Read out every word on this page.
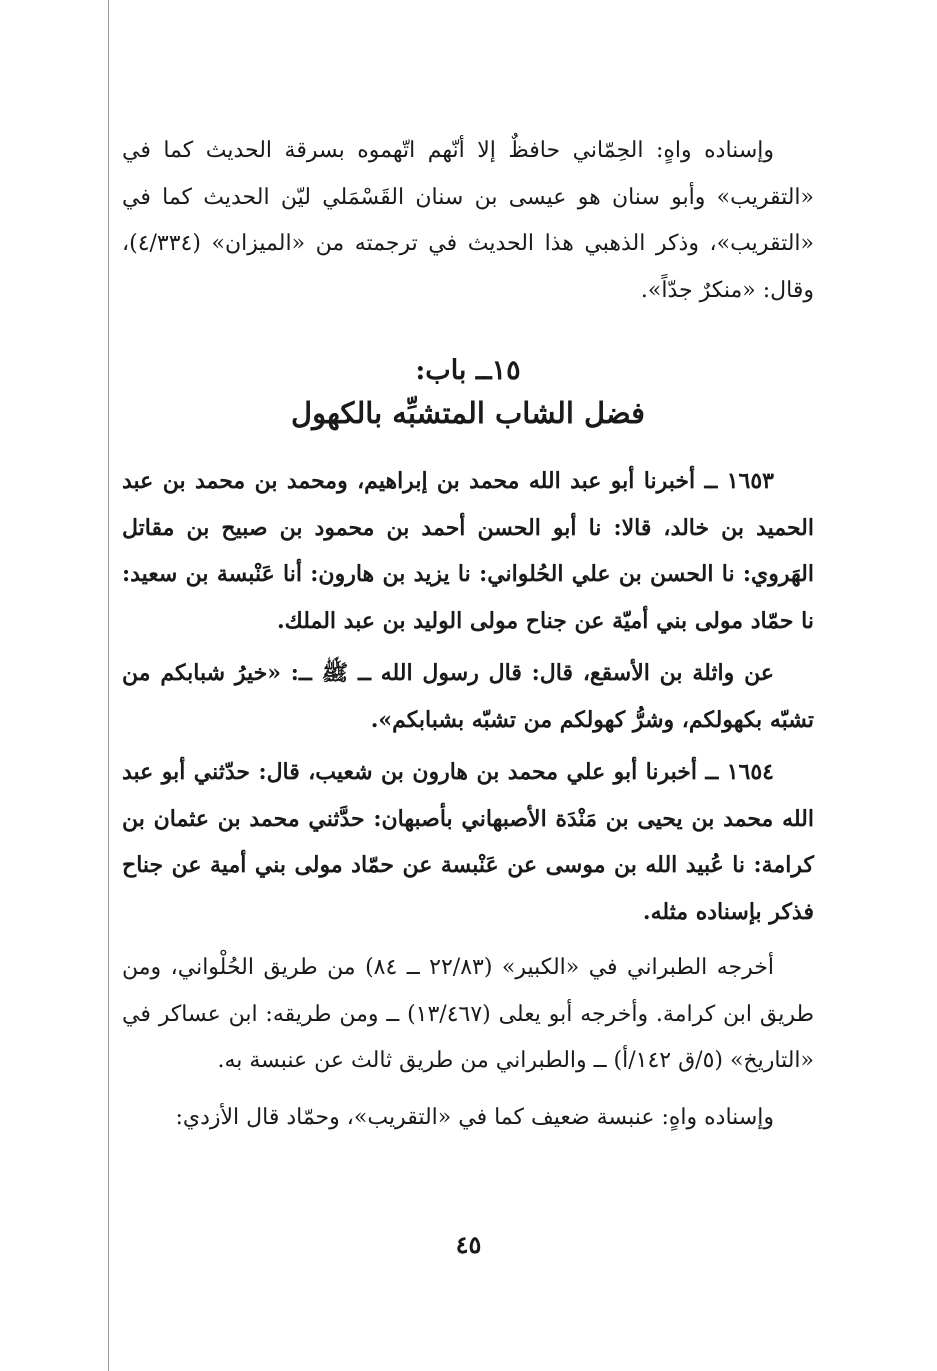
وإسناده واهٍ: الحِمّاني حافظٌ إلا أنّهم اتّهموه بسرقة الحديث كما في «التقريب» وأبو سنان هو عيسى بن سنان القَسْمَلي ليّن الحديث كما في «التقريب»، وذكر الذهبي هذا الحديث في ترجمته من «الميزان» (٤/٣٣٤)، وقال: «منكرٌ جدّاً».

١٥ــ باب:
فضل الشاب المتشبِّه بالكهول

١٦٥٣ ــ أخبرنا أبو عبد الله محمد بن إبراهيم، ومحمد بن محمد بن عبد الحميد بن خالد، قالا: نا أبو الحسن أحمد بن محمود بن صبيح بن مقاتل الهَروي: نا الحسن بن علي الحُلواني: نا يزيد بن هارون: أنا عَنْبسة بن سعيد: نا حمّاد مولى بني أميّة عن جناح مولى الوليد بن عبد الملك.

عن واثلة بن الأسقع، قال: قال رسول الله ــ ﷺ ــ: «خيرُ شبابكم من تشبّه بكهولكم، وشرُّ كهولكم من تشبّه بشبابكم».

١٦٥٤ ــ أخبرنا أبو علي محمد بن هارون بن شعيب، قال: حدّثني أبو عبد الله محمد بن يحيى بن مَنْدَة الأصبهاني بأصبهان: حدَّثني محمد بن عثمان بن كرامة: نا عُبيد الله بن موسى عن عَنْبسة عن حمّاد مولى بني أمية عن جناح فذكر بإسناده مثله.

أخرجه الطبراني في «الكبير» (٢٢/٨٣ ــ ٨٤) من طريق الحُلْواني، ومن طريق ابن كرامة. وأخرجه أبو يعلى (١٣/٤٦٧) ــ ومن طريقه: ابن عساكر في «التاريخ» (٥/ق ١٤٢/أ) ــ والطبراني من طريق ثالث عن عنبسة به.

وإسناده واهٍ: عنبسة ضعيف كما في «التقريب»، وحمّاد قال الأزدي:

٤٥
